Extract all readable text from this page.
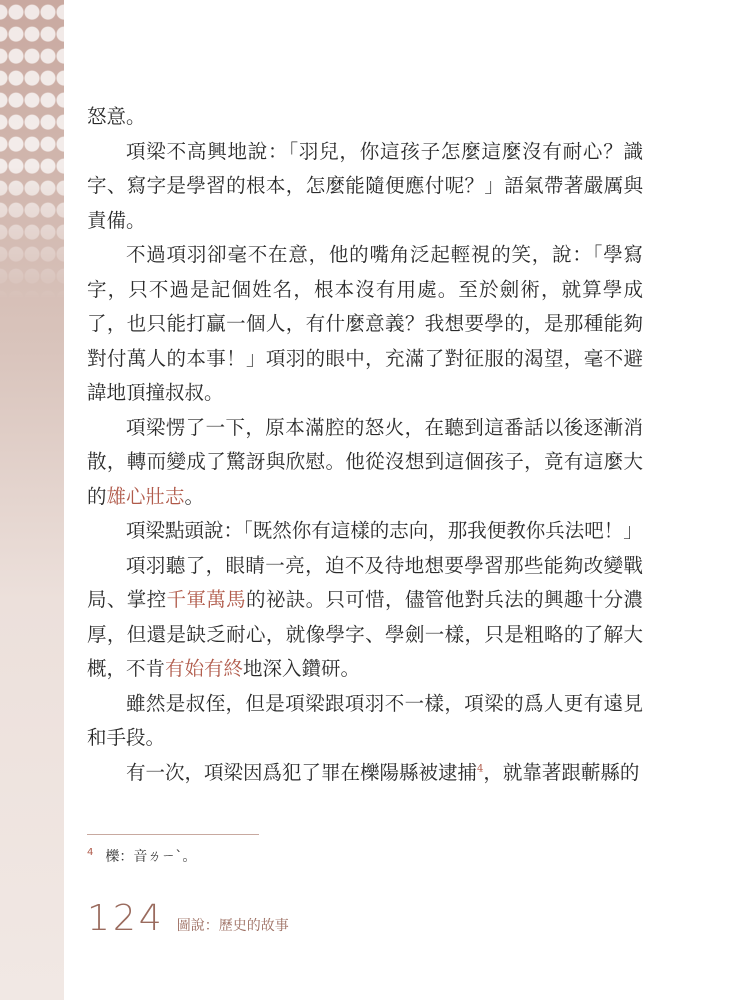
怒意。

項梁不高興地說：「羽兒，你這孩子怎麼這麼沒有耐心？識字、寫字是學習的根本，怎麼能隨便應付呢？」語氣帶著嚴厲與責備。

不過項羽卻毫不在意，他的嘴角泛起輕視的笑，說：「學寫字，只不過是記個姓名，根本沒有用處。至於劍術，就算學成了，也只能打贏一個人，有什麼意義？我想要學的，是那種能夠對付萬人的本事！」項羽的眼中，充滿了對征服的渴望，毫不避諱地頂撞叔叔。

項梁愣了一下，原本滿腔的怒火，在聽到這番話以後逐漸消散，轉而變成了驚訝與欣慰。他從沒想到這個孩子，竟有這麼大的雄心壯志。

項梁點頭說：「既然你有這樣的志向，那我便教你兵法吧！」

項羽聽了，眼睛一亮，迫不及待地想要學習那些能夠改變戰局、掌控千軍萬馬的祕訣。只可惜，儘管他對兵法的興趣十分濃厚，但還是缺乏耐心，就像學字、學劍一樣，只是粗略的了解大概，不肯有始有終地深入鑽研。

雖然是叔侄，但是項梁跟項羽不一樣，項梁的爲人更有遠見和手段。

有一次，項梁因爲犯了罪在櫟陽縣被逮捕$^4$，就靠著跟蘄縣的

$^4$ 櫟：音ㄌㄧˋ。
124 圖說：歷史的故事
